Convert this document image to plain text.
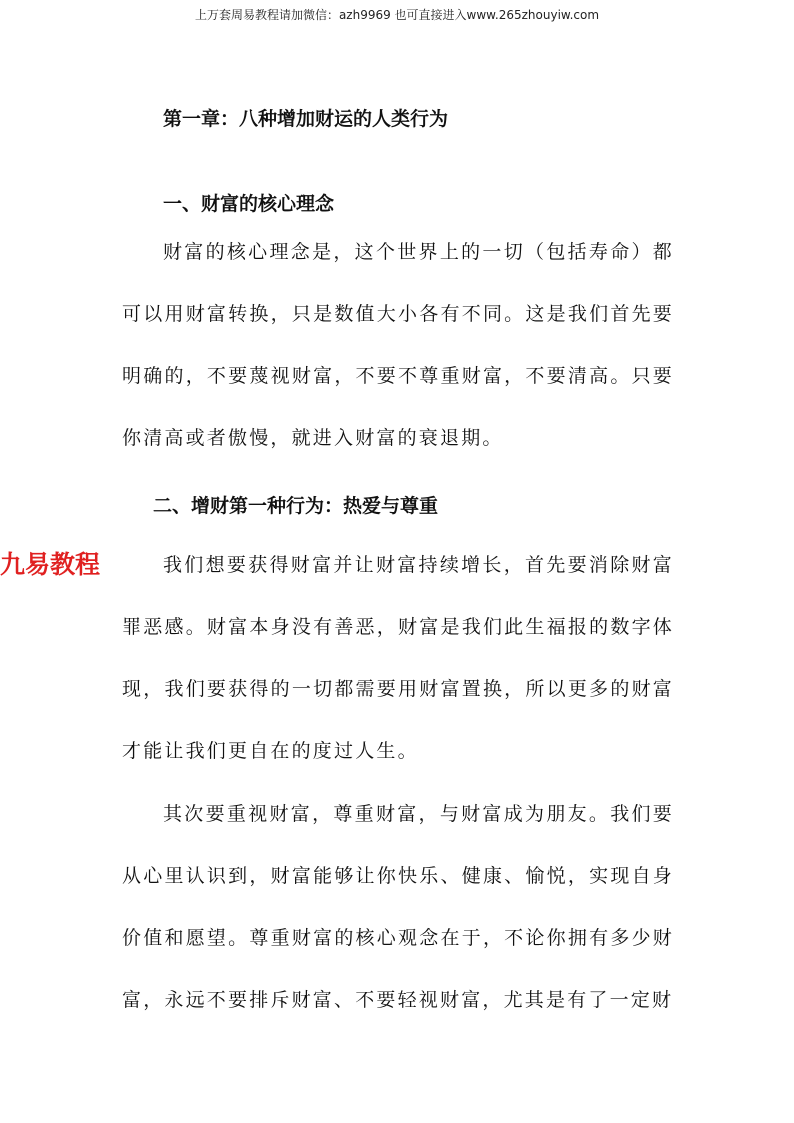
上万套周易教程请加微信：azh9969 也可直接进入www.265zhouyiw.com
第一章：八种增加财运的人类行为
一、财富的核心理念

财富的核心理念是，这个世界上的一切（包括寿命）都可以用财富转换，只是数值大小各有不同。这是我们首先要明确的，不要蔑视财富，不要不尊重财富，不要清高。只要你清高或者傲慢，就进入财富的衰退期。

二、增财第一种行为：热爱与尊重

我们想要获得财富并让财富持续增长，首先要消除财富罪恶感。财富本身没有善恶，财富是我们此生福报的数字体现，我们要获得的一切都需要用财富置换，所以更多的财富才能让我们更自在的度过人生。

其次要重视财富，尊重财富，与财富成为朋友。我们要从心里认识到，财富能够让你快乐、健康、愉悦，实现自身价值和愿望。尊重财富的核心观念在于，不论你拥有多少财富，永远不要排斥财富、不要轻视财富，尤其是有了一定财

九易教程
